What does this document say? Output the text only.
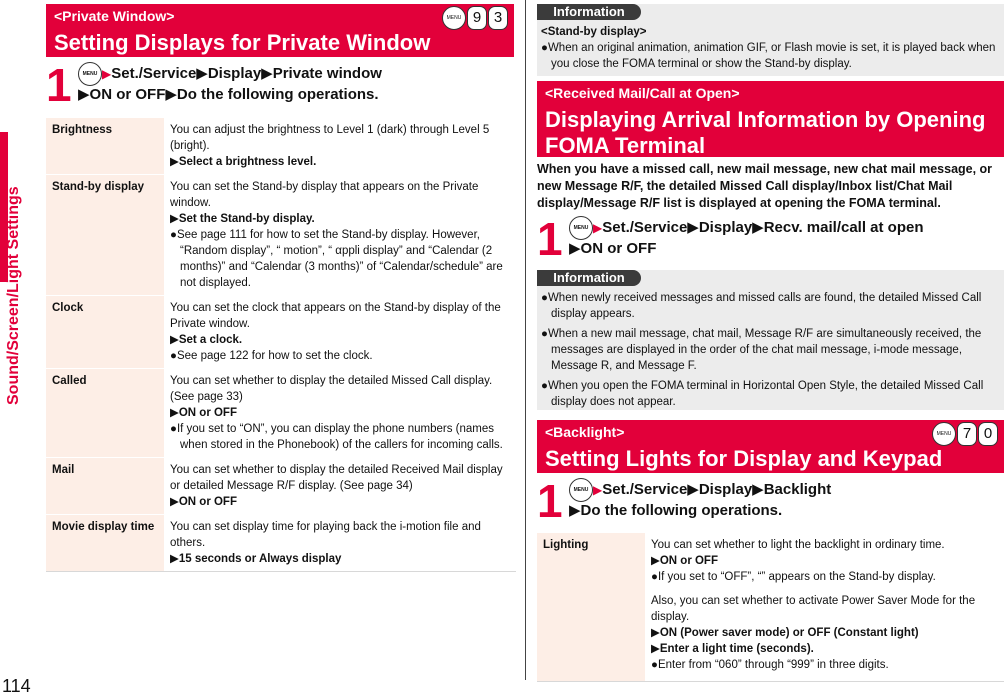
Sound/Screen/Light Settings
114
<Private Window>
Setting Displays for Private Window
MENU 9 3
1	MENU ▶Set./Service▶Display▶Private window
▶ON or OFF▶Do the following operations.
Brightness	You can adjust the brightness to Level 1 (dark) through Level 5 (bright).
▶Select a brightness level.

Stand-by display	You can set the Stand-by display that appears on the Private window.
▶Set the Stand-by display.
●See page 111 for how to set the Stand-by display. However, “Random display”, “ motion”, “ αppli display” and “Calendar (2 months)” and “Calendar (3 months)” of “Calendar/schedule” are not displayed.

Clock	You can set the clock that appears on the Stand-by display of the Private window.
▶Set a clock.
●See page 122 for how to set the clock.

Called	You can set whether to display the detailed Missed Call display. (See page 33)
▶ON or OFF
●If you set to “ON”, you can display the phone numbers (names when stored in the Phonebook) of the callers for incoming calls.

Mail	You can set whether to display the detailed Received Mail display or detailed Message R/F display. (See page 34)
▶ON or OFF

Movie display time	You can set display time for playing back the i-motion file and others.
▶15 seconds or Always display
Information
<Stand-by display>
●When an original animation, animation GIF, or Flash movie is set, it is played back when you close the FOMA terminal or show the Stand-by display.
<Received Mail/Call at Open>
Displaying Arrival Information by Opening FOMA Terminal
When you have a missed call, new mail message, new chat mail message, or new Message R/F, the detailed Missed Call display/Inbox list/Chat Mail display/Message R/F list is displayed at opening the FOMA terminal.
1	MENU ▶Set./Service▶Display▶Recv. mail/call at open
▶ON or OFF
Information
●When newly received messages and missed calls are found, the detailed Missed Call display appears.
●When a new mail message, chat mail, Message R/F are simultaneously received, the messages are displayed in the order of the chat mail message, i-mode message, Message R, and Message F.
●When you open the FOMA terminal in Horizontal Open Style, the detailed Missed Call display does not appear.
<Backlight>
Setting Lights for Display and Keypad
MENU 7 0
1	MENU ▶Set./Service▶Display▶Backlight
▶Do the following operations.
Lighting	You can set whether to light the backlight in ordinary time.
▶ON or OFF
●If you set to “OFF”, “” appears on the Stand-by display.
Also, you can set whether to activate Power Saver Mode for the display.
▶ON (Power saver mode) or OFF (Constant light)
▶Enter a light time (seconds).
●Enter from “060” through “999” in three digits.
